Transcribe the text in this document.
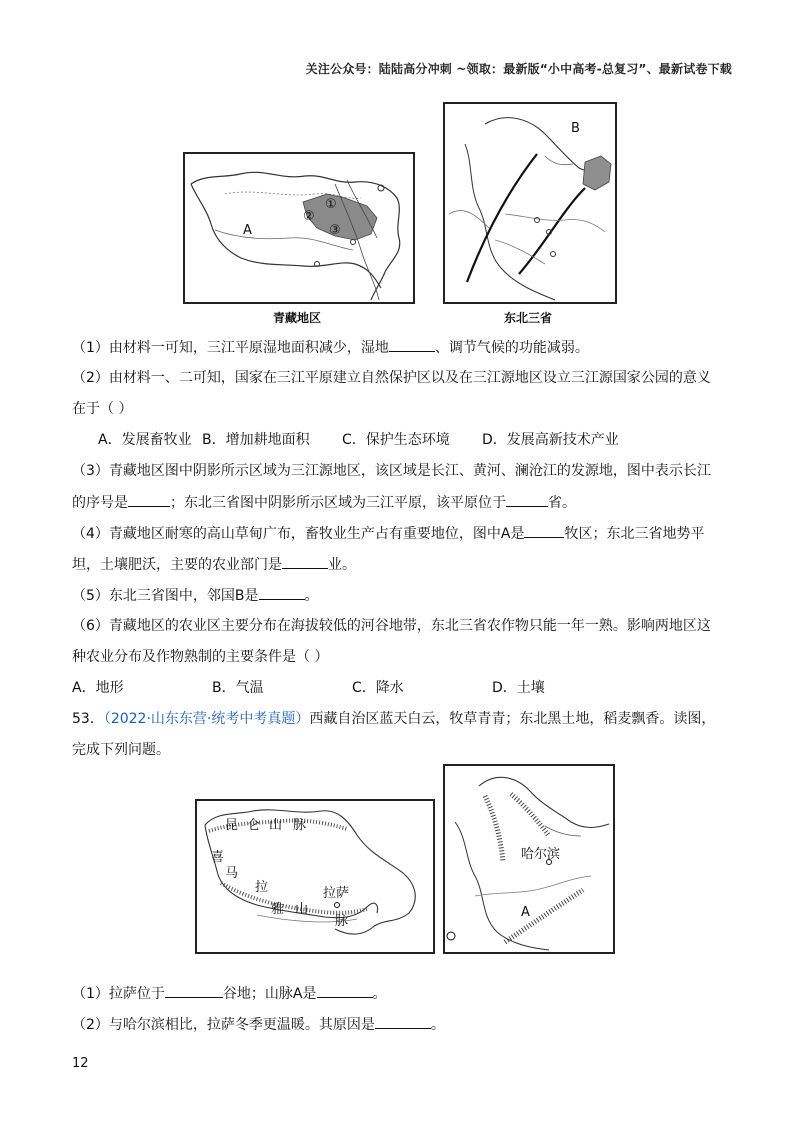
关注公众号：陆陆高分冲刺 ~领取：最新版“小中高考-总复习”、最新试卷下载
A
①
②
③
青藏地区
B
东北三省
（1）由材料一可知，三江平原湿地面积减少，湿地	、调节气候的功能减弱。
（2）由材料一、二可知，国家在三江平原建立自然保护区以及在三江源地区设立三江源国家公园的意义
在于（ ）
A．发展畜牧业 B．增加耕地面积 C．保护生态环境 D．发展高新技术产业
（3）青藏地区图中阴影所示区域为三江源地区，该区域是长江、黄河、澜沧江的发源地，图中表示长江
的序号是	；东北三省图中阴影所示区域为三江平原，该平原位于	省。
（4）青藏地区耐寒的高山草甸广布，畜牧业生产占有重要地位，图中A是	牧区；东北三省地势平
坦，土壤肥沃，主要的农业部门是	业。
（5）东北三省图中，邻国B是	。
（6）青藏地区的农业区主要分布在海拔较低的河谷地带，东北三省农作物只能一年一熟。影响两地区这
种农业分布及作物熟制的主要条件是（ ）
A．地形	B．气温	C．降水	D．土壤
53．（2022·山东东营·统考中考真题）西藏自治区蓝天白云，牧草青青；东北黑土地，稻麦飘香。读图，
完成下列问题。
昆 仑 山 脉
喜
马
拉
雅 山
脉
拉萨
哈尔滨
A
（1）拉萨位于	谷地；山脉A是	。
（2）与哈尔滨相比，拉萨冬季更温暖。其原因是	。
12
